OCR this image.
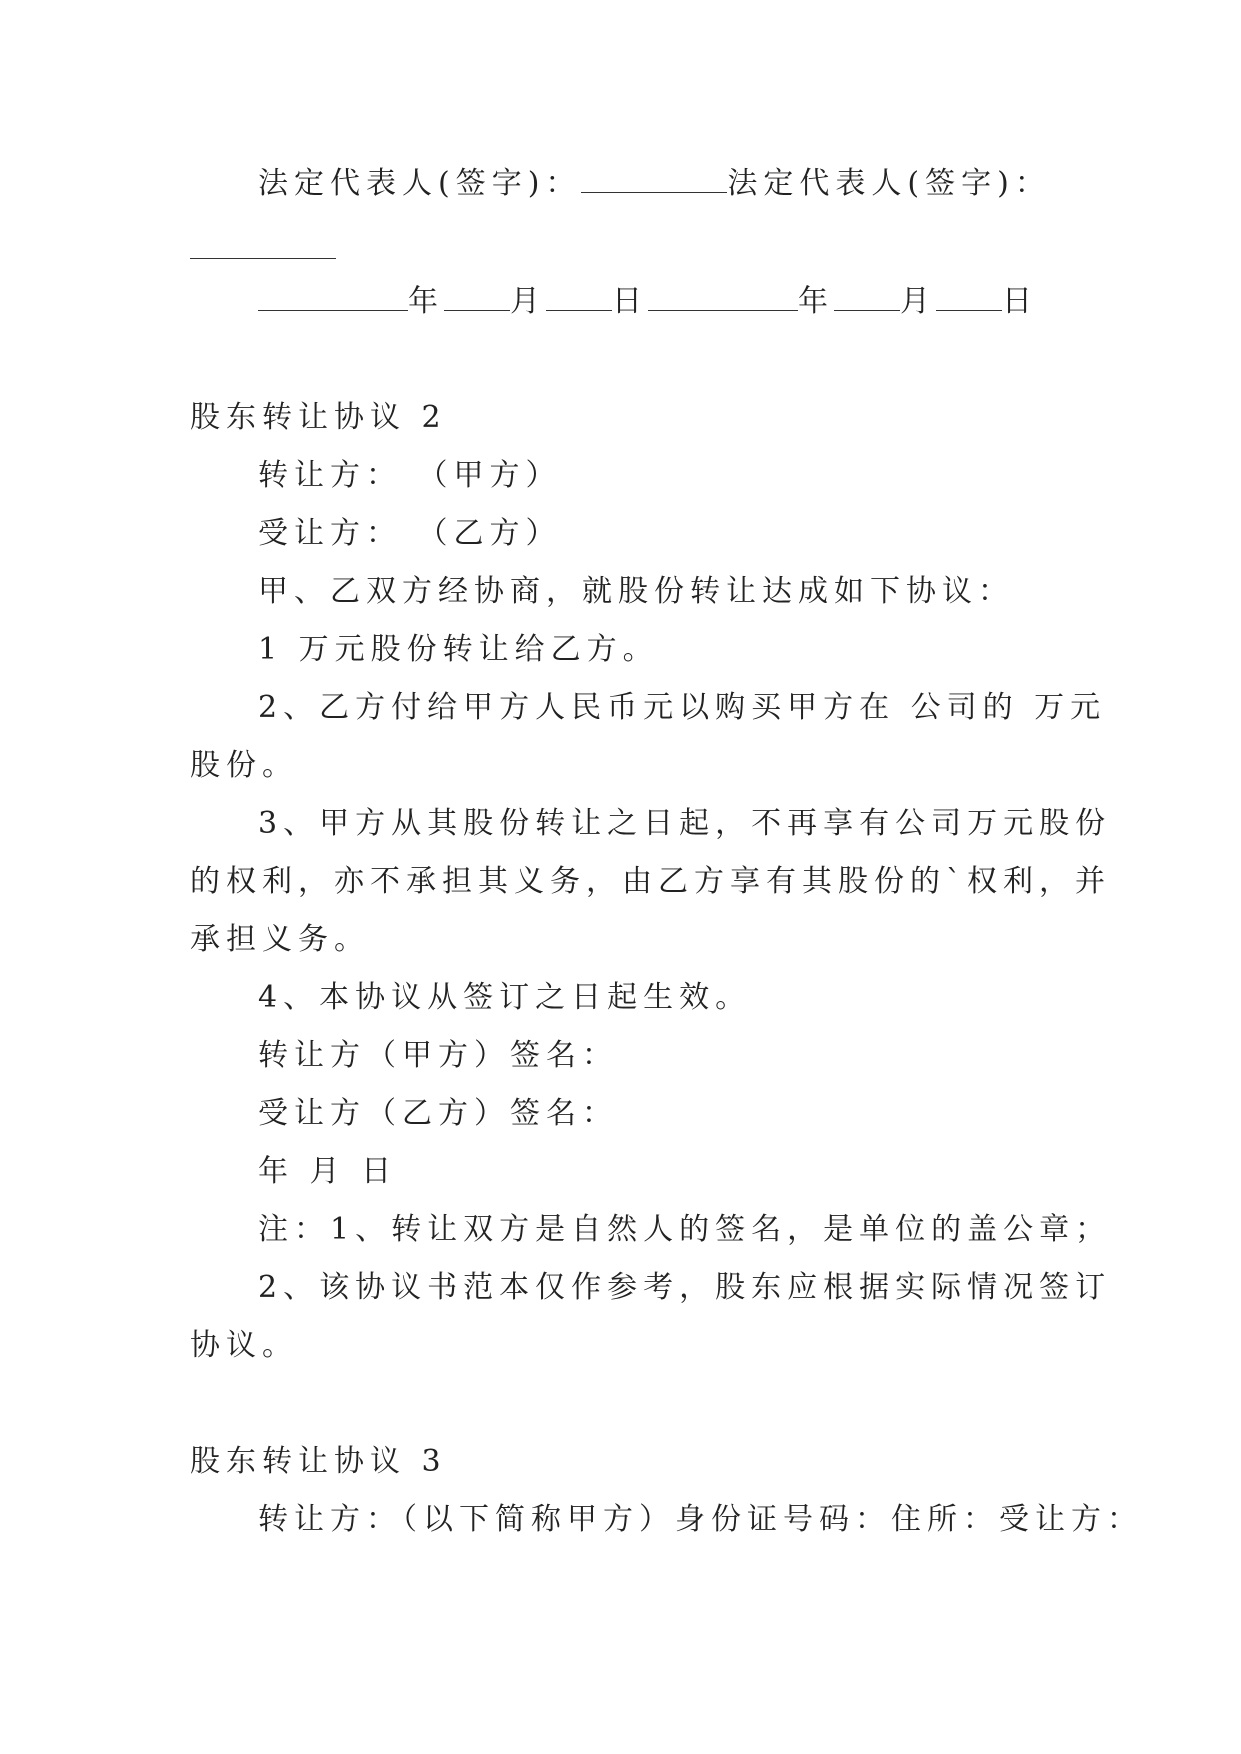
法定代表人(签字)：	法定代表人(签字)：
年 月 日	年 月 日
股东转让协议 2
转让方： （甲方）
受让方： （乙方）
甲、乙双方经协商，就股份转让达成如下协议：
1 万元股份转让给乙方。
2、乙方付给甲方人民币元以购买甲方在 公司的 万元
股份。
3、甲方从其股份转让之日起，不再享有公司万元股份
的权利，亦不承担其义务，由乙方享有其股份的`权利，并
承担义务。
4、本协议从签订之日起生效。
转让方（甲方）签名：
受让方（乙方）签名：
年 月 日
注：1、转让双方是自然人的签名，是单位的盖公章；
2、该协议书范本仅作参考，股东应根据实际情况签订
协议。
股东转让协议 3
转让方：（以下简称甲方）身份证号码：住所：受让方：
